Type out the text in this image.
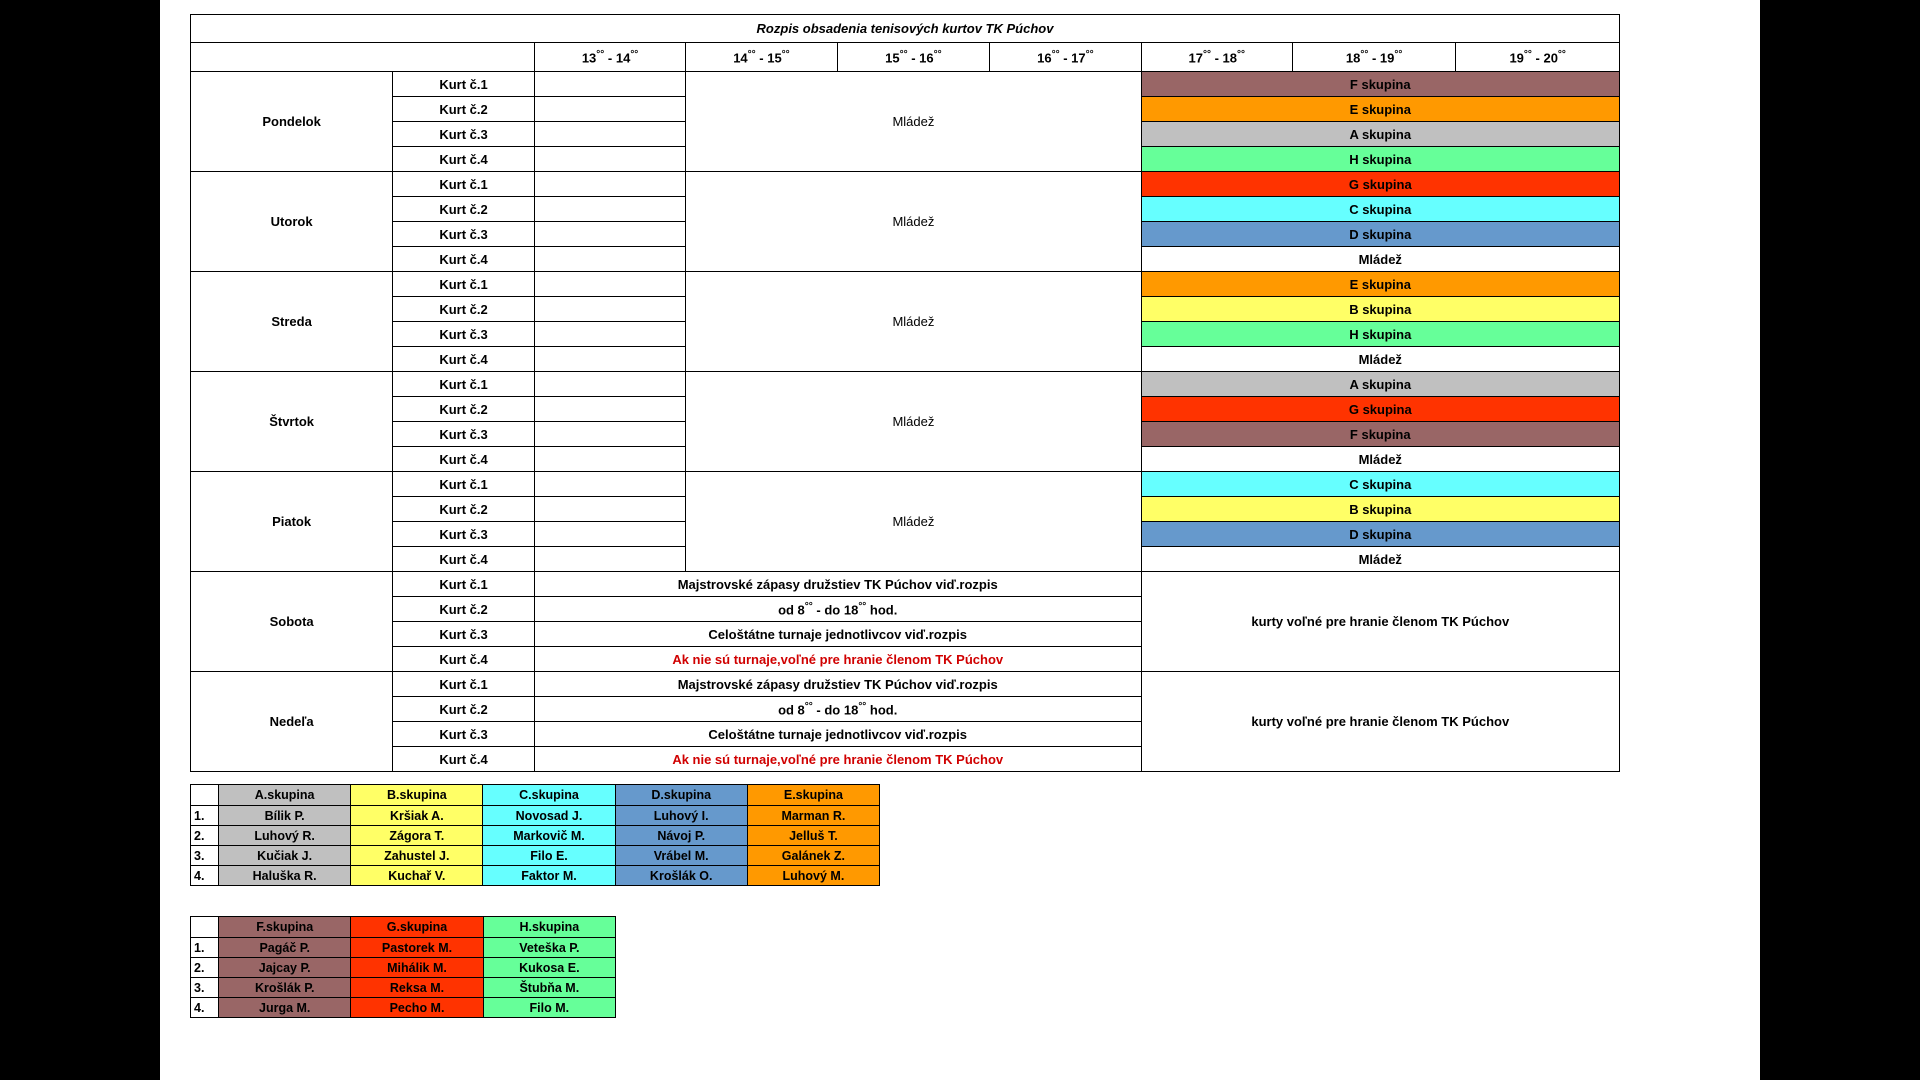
Rozpis obsadenia tenisových kurtov TK Púchov								
		13°° - 14°°	14°° - 15°°	15°° - 16°°	16°° - 17°°	17°° - 18°°	18°° - 19°°	19°° - 20°°
Pondelok	Kurt č.1		Mládež			F skupina		
	Kurt č.2					E skupina		
	Kurt č.3					A skupina		
	Kurt č.4					H skupina		
Utorok	Kurt č.1		Mládež			G skupina		
	Kurt č.2					C skupina		
	Kurt č.3					D skupina		
	Kurt č.4					Mládež		
Streda	Kurt č.1		Mládež			E skupina		
	Kurt č.2					B skupina		
	Kurt č.3					H skupina		
	Kurt č.4					Mládež		
Štvrtok	Kurt č.1		Mládež			A skupina		
	Kurt č.2					G skupina		
	Kurt č.3					F skupina		
	Kurt č.4					Mládež		
Piatok	Kurt č.1		Mládež			C skupina		
	Kurt č.2					B skupina		
	Kurt č.3					D skupina		
	Kurt č.4					Mládež		
Sobota	Kurt č.1	Majstrovské zápasy družstiev TK Púchov viď.rozpis				kurty voľné pre hranie členom TK Púchov		
	Kurt č.2	od 8°° - do 18°° hod.						
	Kurt č.3	Celoštátne turnaje jednotlivcov viď.rozpis						
	Kurt č.4	Ak nie sú turnaje,voľné pre hranie členom TK Púchov						
Nedeľa	Kurt č.1	Majstrovské zápasy družstiev TK Púchov viď.rozpis				kurty voľné pre hranie členom TK Púchov		
	Kurt č.2	od 8°° - do 18°° hod.						
	Kurt č.3	Celoštátne turnaje jednotlivcov viď.rozpis						
	Kurt č.4	Ak nie sú turnaje,voľné pre hranie členom TK Púchov						
	A.skupina	B.skupina	C.skupina	D.skupina	E.skupina
1.	Bílik P.	Kršiak A.	Novosad J.	Luhový I.	Marman R.
2.	Luhový R.	Zágora T.	Markovič M.	Návoj P.	Jelluš T.
3.	Kučiak J.	Zahustel J.	Filo E.	Vrábel M.	Galánek Z.
4.	Haluška R.	Kuchař V.	Faktor M.	Krošlák O.	Luhový M.
	F.skupina	G.skupina	H.skupina
1.	Pagáč P.	Pastorek M.	Veteška P.
2.	Jajcay P.	Mihálik M.	Kukosa E.
3.	Krošlák P.	Reksa M.	Štubňa M.
4.	Jurga M.	Pecho M.	Filo M.
